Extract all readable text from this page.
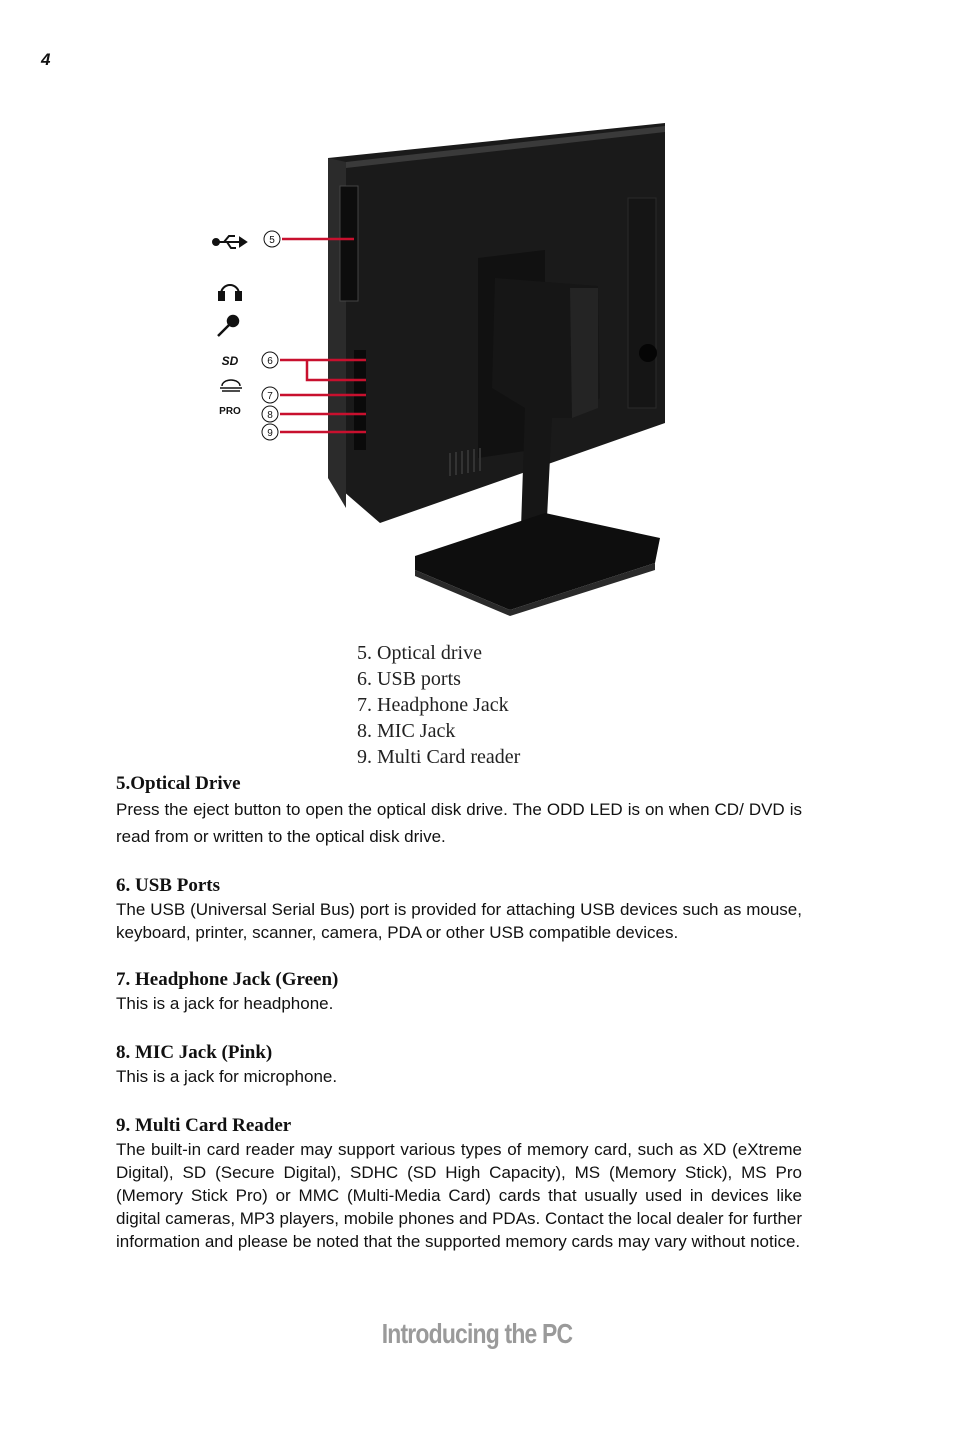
4
5
6
7
8
9
SD
PRO
5. Optical drive
6. USB ports
7. Headphone Jack
8. MIC Jack
9. Multi Card reader
5.Optical Drive

Press the eject button to open the optical disk drive. The ODD LED is on when CD/ DVD is read from or written to the optical disk drive.

6. USB Ports

The USB (Universal Serial Bus) port is provided for attaching USB devices such as mouse, keyboard, printer, scanner, camera, PDA or other USB compatible devices.

7. Headphone Jack (Green)

This is a jack for headphone.

8. MIC Jack (Pink)

This is a jack for microphone.

9. Multi Card Reader

The built-in card reader may support various types of memory card, such as XD (eXtreme Digital), SD (Secure Digital), SDHC (SD High Capacity), MS (Memory Stick), MS Pro (Memory Stick Pro) or MMC (Multi-Media Card) cards that usually used in devices like digital cameras, MP3 players, mobile phones and PDAs. Contact the local dealer for further information and please be noted that the supported memory cards may vary without notice.

Introducing the PC
